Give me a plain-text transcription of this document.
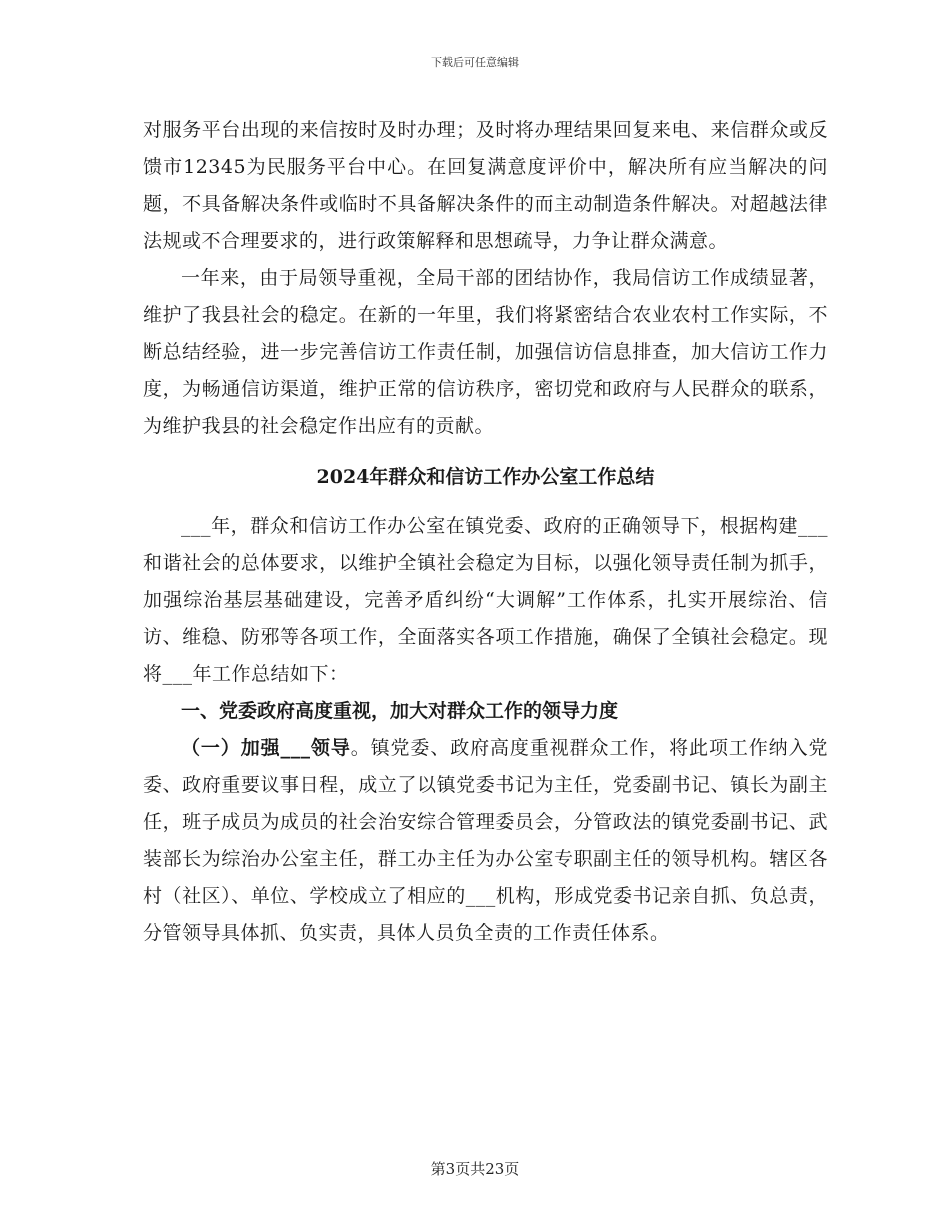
下载后可任意编辑

对服务平台出现的来信按时及时办理；及时将办理结果回复来电、来信群众或反馈市12345为民服务平台中心。在回复满意度评价中，解决所有应当解决的问题，不具备解决条件或临时不具备解决条件的而主动制造条件解决。对超越法律法规或不合理要求的，进行政策解释和思想疏导，力争让群众满意。

一年来，由于局领导重视，全局干部的团结协作，我局信访工作成绩显著，维护了我县社会的稳定。在新的一年里，我们将紧密结合农业农村工作实际，不断总结经验，进一步完善信访工作责任制，加强信访信息排查，加大信访工作力度，为畅通信访渠道，维护正常的信访秩序，密切党和政府与人民群众的联系，为维护我县的社会稳定作出应有的贡献。

2024年群众和信访工作办公室工作总结

___年，群众和信访工作办公室在镇党委、政府的正确领导下，根据构建___和谐社会的总体要求，以维护全镇社会稳定为目标，以强化领导责任制为抓手，加强综治基层基础建设，完善矛盾纠纷“大调解”工作体系，扎实开展综治、信访、维稳、防邪等各项工作，全面落实各项工作措施，确保了全镇社会稳定。现将___年工作总结如下：

一、党委政府高度重视，加大对群众工作的领导力度

（一）加强___领导。镇党委、政府高度重视群众工作，将此项工作纳入党委、政府重要议事日程，成立了以镇党委书记为主任，党委副书记、镇长为副主任，班子成员为成员的社会治安综合管理委员会，分管政法的镇党委副书记、武装部长为综治办公室主任，群工办主任为办公室专职副主任的领导机构。辖区各村（社区）、单位、学校成立了相应的___机构，形成党委书记亲自抓、负总责，分管领导具体抓、负实责，具体人员负全责的工作责任体系。

第3页共23页
